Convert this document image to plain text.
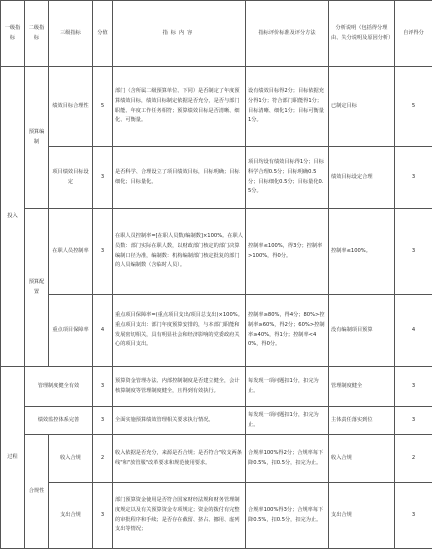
一级指标	二级指标	三级指标	分值	指标内容	指标评价标准及评分方法	分析说明（包括得分理由、失分说明及原因分析）	自评得分
投入	预算编制	绩效目标合理性	5	部门（含所属二级预算单位、下同）是否制定了年度预算绩效目标，绩效目标制定依据是否充分，是否与部门职能、年度工作任务相符；预算绩效目标是否清晰、细化、可衡量。	设有绩效目标得2分；目标依据充分得1分；符合部门职能得1分；目标清晰、细化1分；目标可衡量1分。	已制定目标	5
		项目绩效目标设定	3	是否科学、合理设立了项目绩效目标，目标明确；目标细化；目标量化。	项目均设有绩效目标得1分；目标科学合理0.5分；目标明确0.5分；目标细化0.5分；目标量化0.5分。	绩效目标设定合理	3
	预算配置	在职人员控制率	3	在职人员控制率=[在职人员数/编制数]×100%。在职人员数：部门实际在职人数，以财政部门核定的部门决算编制口径为准，编制数：机构编制部门核定批复的部门的人员编制数（含临时人员）。	控制率≤100%，得3分；控制率>100%，得0分。	控制率≤100%。	3
		重点项目保障率	4	重点项目保障率=(重点项目支出/项目总支出)×100%。重点项目支出：部门年度预算安排的，与本部门职能和发展密切相关，具有明显社会和经济影响的党委政府关心的项目支出。	控制率≥80%，得4分；80%>控制率≥60%，得2分；60%>控制率≥40%，得1分；控制率<40%，得0分。	没有编制项目预算	4
过程	管理制度健全有效		3	预算资金管理办法、内部控制制度是否建立健全，会计核算制度等管理制度健全，且得到有效执行。	每发现一项问题扣1分，扣完为止。	管理制度健全	3
	绩效监控体系完善		3	全面实施预算绩效管理相关要求执行情况。	每发现一项问题扣1分，扣完为止。	主体责任落实到位	3
	合规性	收入合规	2	收入依据是否充分，来源是否合规；是否符合"收支两条线"和"放管服"改革要求和规范使用要求。	合规率100%得2分；合规率每下降0.5%，扣0.5分，扣完为止。	收入合规	2
		支出合规	3	部门预算资金使用是否符合国家财经法规和财务管理制度规定以及有关预算资金专项规定；资金的拨付有完整的审批程序和手续；是否存在截留、挤占、挪用、虚列支出等情况；	合规率100%得3分；合规率每下降0.5%，扣0.5分，扣完为止。	支出合规	3
